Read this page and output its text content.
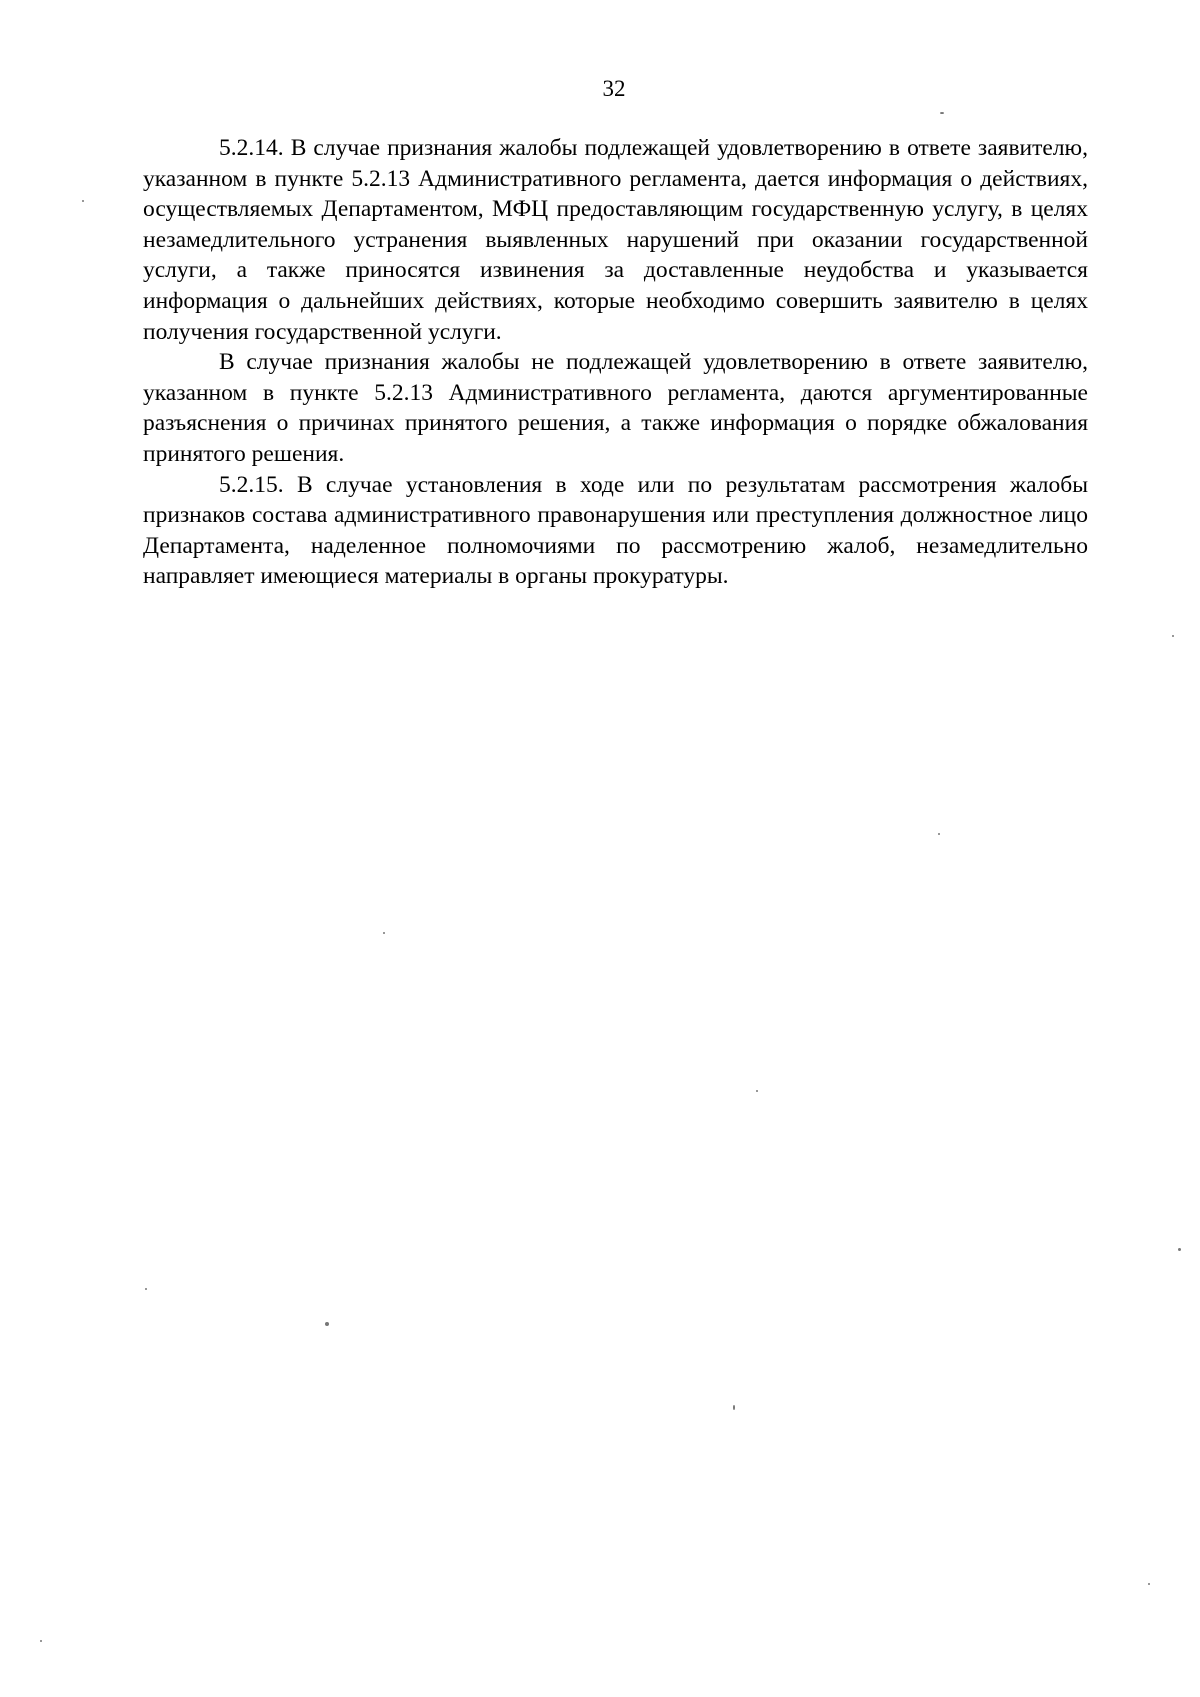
32

5.2.14. В случае признания жалобы подлежащей удовлетворению в ответе заявителю, указанном в пункте 5.2.13 Административного регламента, дается информация о действиях, осуществляемых Департаментом, МФЦ предоставляющим государственную услугу, в целях незамедлительного устранения выявленных нарушений при оказании государственной услуги, а также приносятся извинения за доставленные неудобства и указывается информация о дальнейших действиях, которые необходимо совершить заявителю в целях получения государственной услуги.

В случае признания жалобы не подлежащей удовлетворению в ответе заявителю, указанном в пункте 5.2.13 Административного регламента, даются аргументированные разъяснения о причинах принятого решения, а также информация о порядке обжалования принятого решения.

5.2.15. В случае установления в ходе или по результатам рассмотрения жалобы признаков состава административного правонарушения или преступления должностное лицо Департамента, наделенное полномочиями по рассмотрению жалоб, незамедлительно направляет имеющиеся материалы в органы прокуратуры.
